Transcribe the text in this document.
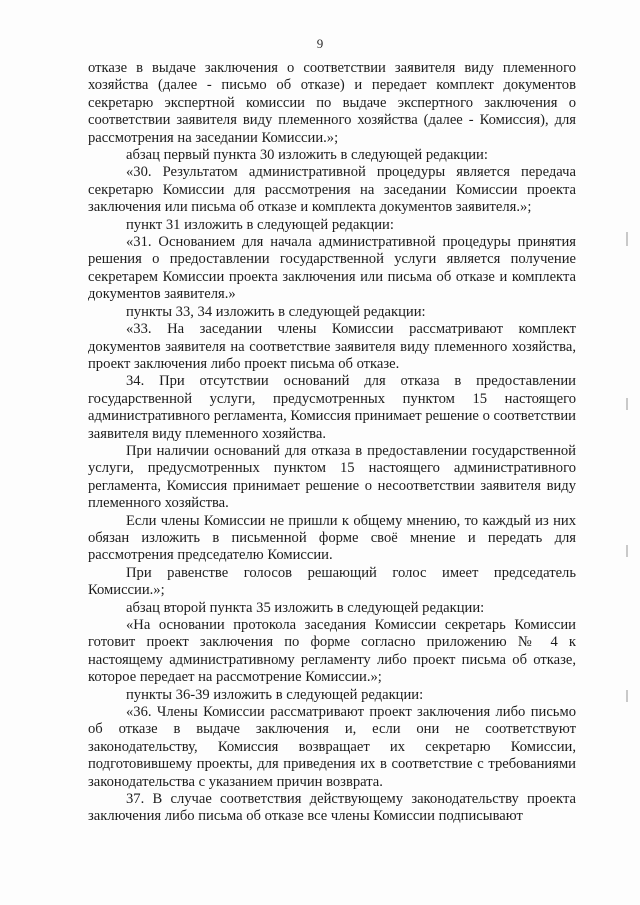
9

отказе в выдаче заключения о соответствии заявителя виду племенного хозяйства (далее - письмо об отказе) и передает комплект документов секретарю экспертной комиссии по выдаче экспертного заключения о соответствии заявителя виду племенного хозяйства (далее - Комиссия), для рассмотрения на заседании Комиссии.»;

абзац первый пункта 30 изложить в следующей редакции:

«30. Результатом административной процедуры является передача секретарю Комиссии для рассмотрения на заседании Комиссии проекта заключения или письма об отказе и комплекта документов заявителя.»;

пункт 31 изложить в следующей редакции:

«31. Основанием для начала административной процедуры принятия решения о предоставлении государственной услуги является получение секретарем Комиссии проекта заключения или письма об отказе и комплекта документов заявителя.»

пункты 33, 34 изложить в следующей редакции:

«33. На заседании члены Комиссии рассматривают комплект документов заявителя на соответствие заявителя виду племенного хозяйства, проект заключения либо проект письма об отказе.

34. При отсутствии оснований для отказа в предоставлении государственной услуги, предусмотренных пунктом 15 настоящего административного регламента, Комиссия принимает решение о соответствии заявителя виду племенного хозяйства.

При наличии оснований для отказа в предоставлении государственной услуги, предусмотренных пунктом 15 настоящего административного регламента, Комиссия принимает решение о несоответствии заявителя виду племенного хозяйства.

Если члены Комиссии не пришли к общему мнению, то каждый из них обязан изложить в письменной форме своё мнение и передать для рассмотрения председателю Комиссии.

При равенстве голосов решающий голос имеет председатель Комиссии.»;

абзац второй пункта 35 изложить в следующей редакции:

«На основании протокола заседания Комиссии секретарь Комиссии готовит проект заключения по форме согласно приложению № 4 к настоящему административному регламенту либо проект письма об отказе, которое передает на рассмотрение Комиссии.»;

пункты 36-39 изложить в следующей редакции:

«36. Члены Комиссии рассматривают проект заключения либо письмо об отказе в выдаче заключения и, если они не соответствуют законодательству, Комиссия возвращает их секретарю Комиссии, подготовившему проекты, для приведения их в соответствие с требованиями законодательства с указанием причин возврата.

37. В случае соответствия действующему законодательству проекта заключения либо письма об отказе все члены Комиссии подписывают
